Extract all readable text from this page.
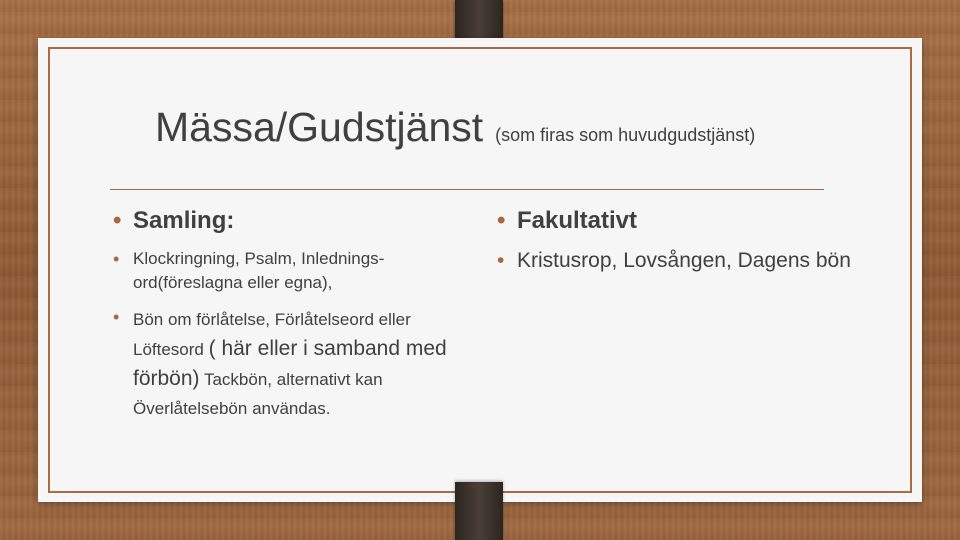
Mässa/Gudstjänst (som firas som huvudgudstjänst)
• Samling:
• Klockringning, Psalm, Inlednings-ord(föreslagna eller egna),
• Bön om förlåtelse, Förlåtelseord eller Löftesord ( här eller i samband med förbön) Tackbön, alternativt kan Överlåtelsebön användas.
• Fakultativt
• Kristusrop, Lovsången, Dagens bön
